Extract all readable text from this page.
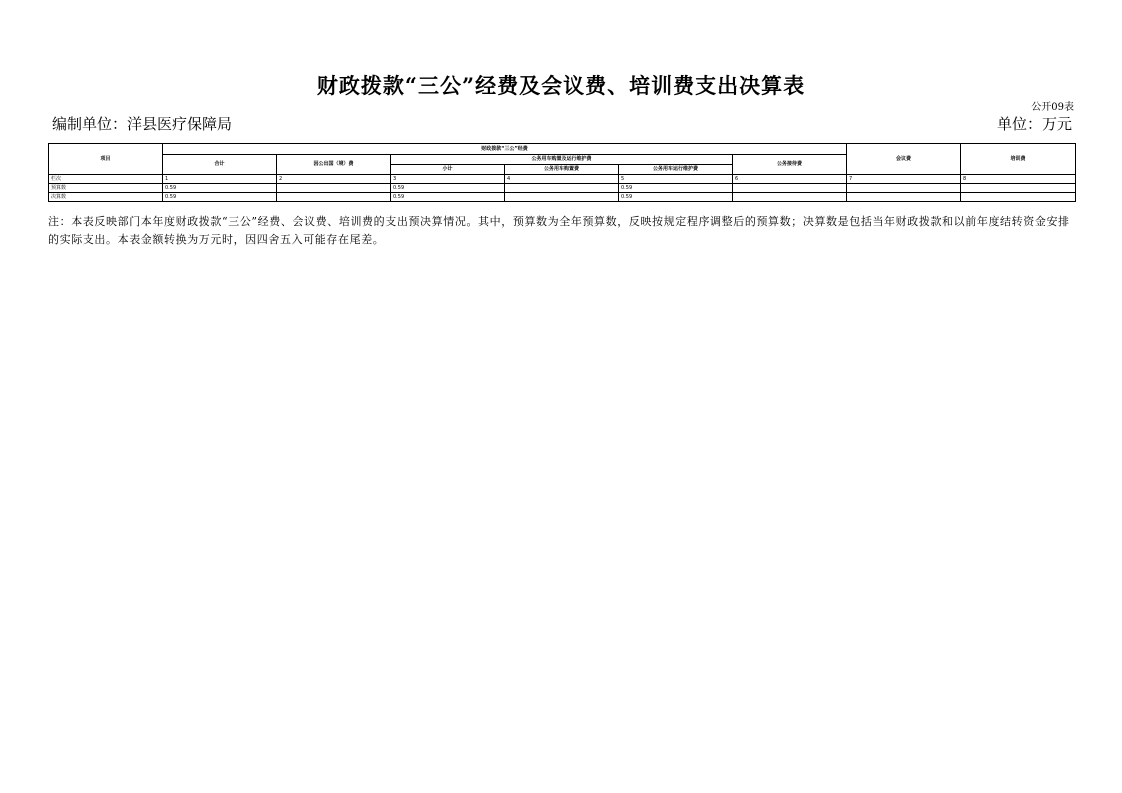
财政拨款“三公”经费及会议费、培训费支出决算表
公开09表
编制单位：洋县医疗保障局	单位：万元
项目	财政拨款“三公”经费						会议费	培训费
	合计	因公出国（境）费	公务用车购置及运行维护费			公务接待费		
			小计	公务用车购置费	公务用车运行维护费			
栏次	1	2	3	4	5	6	7	8
预算数	0.59		0.59		0.59			
决算数	0.59		0.59		0.59			
注：本表反映部门本年度财政拨款“三公”经费、会议费、培训费的支出预决算情况。其中，预算数为全年预算数，反映按规定程序调整后的预算数；决算数是包括当年财政拨款和以前年度结转资金安排的实际支出。本表金额转换为万元时，因四舍五入可能存在尾差。
